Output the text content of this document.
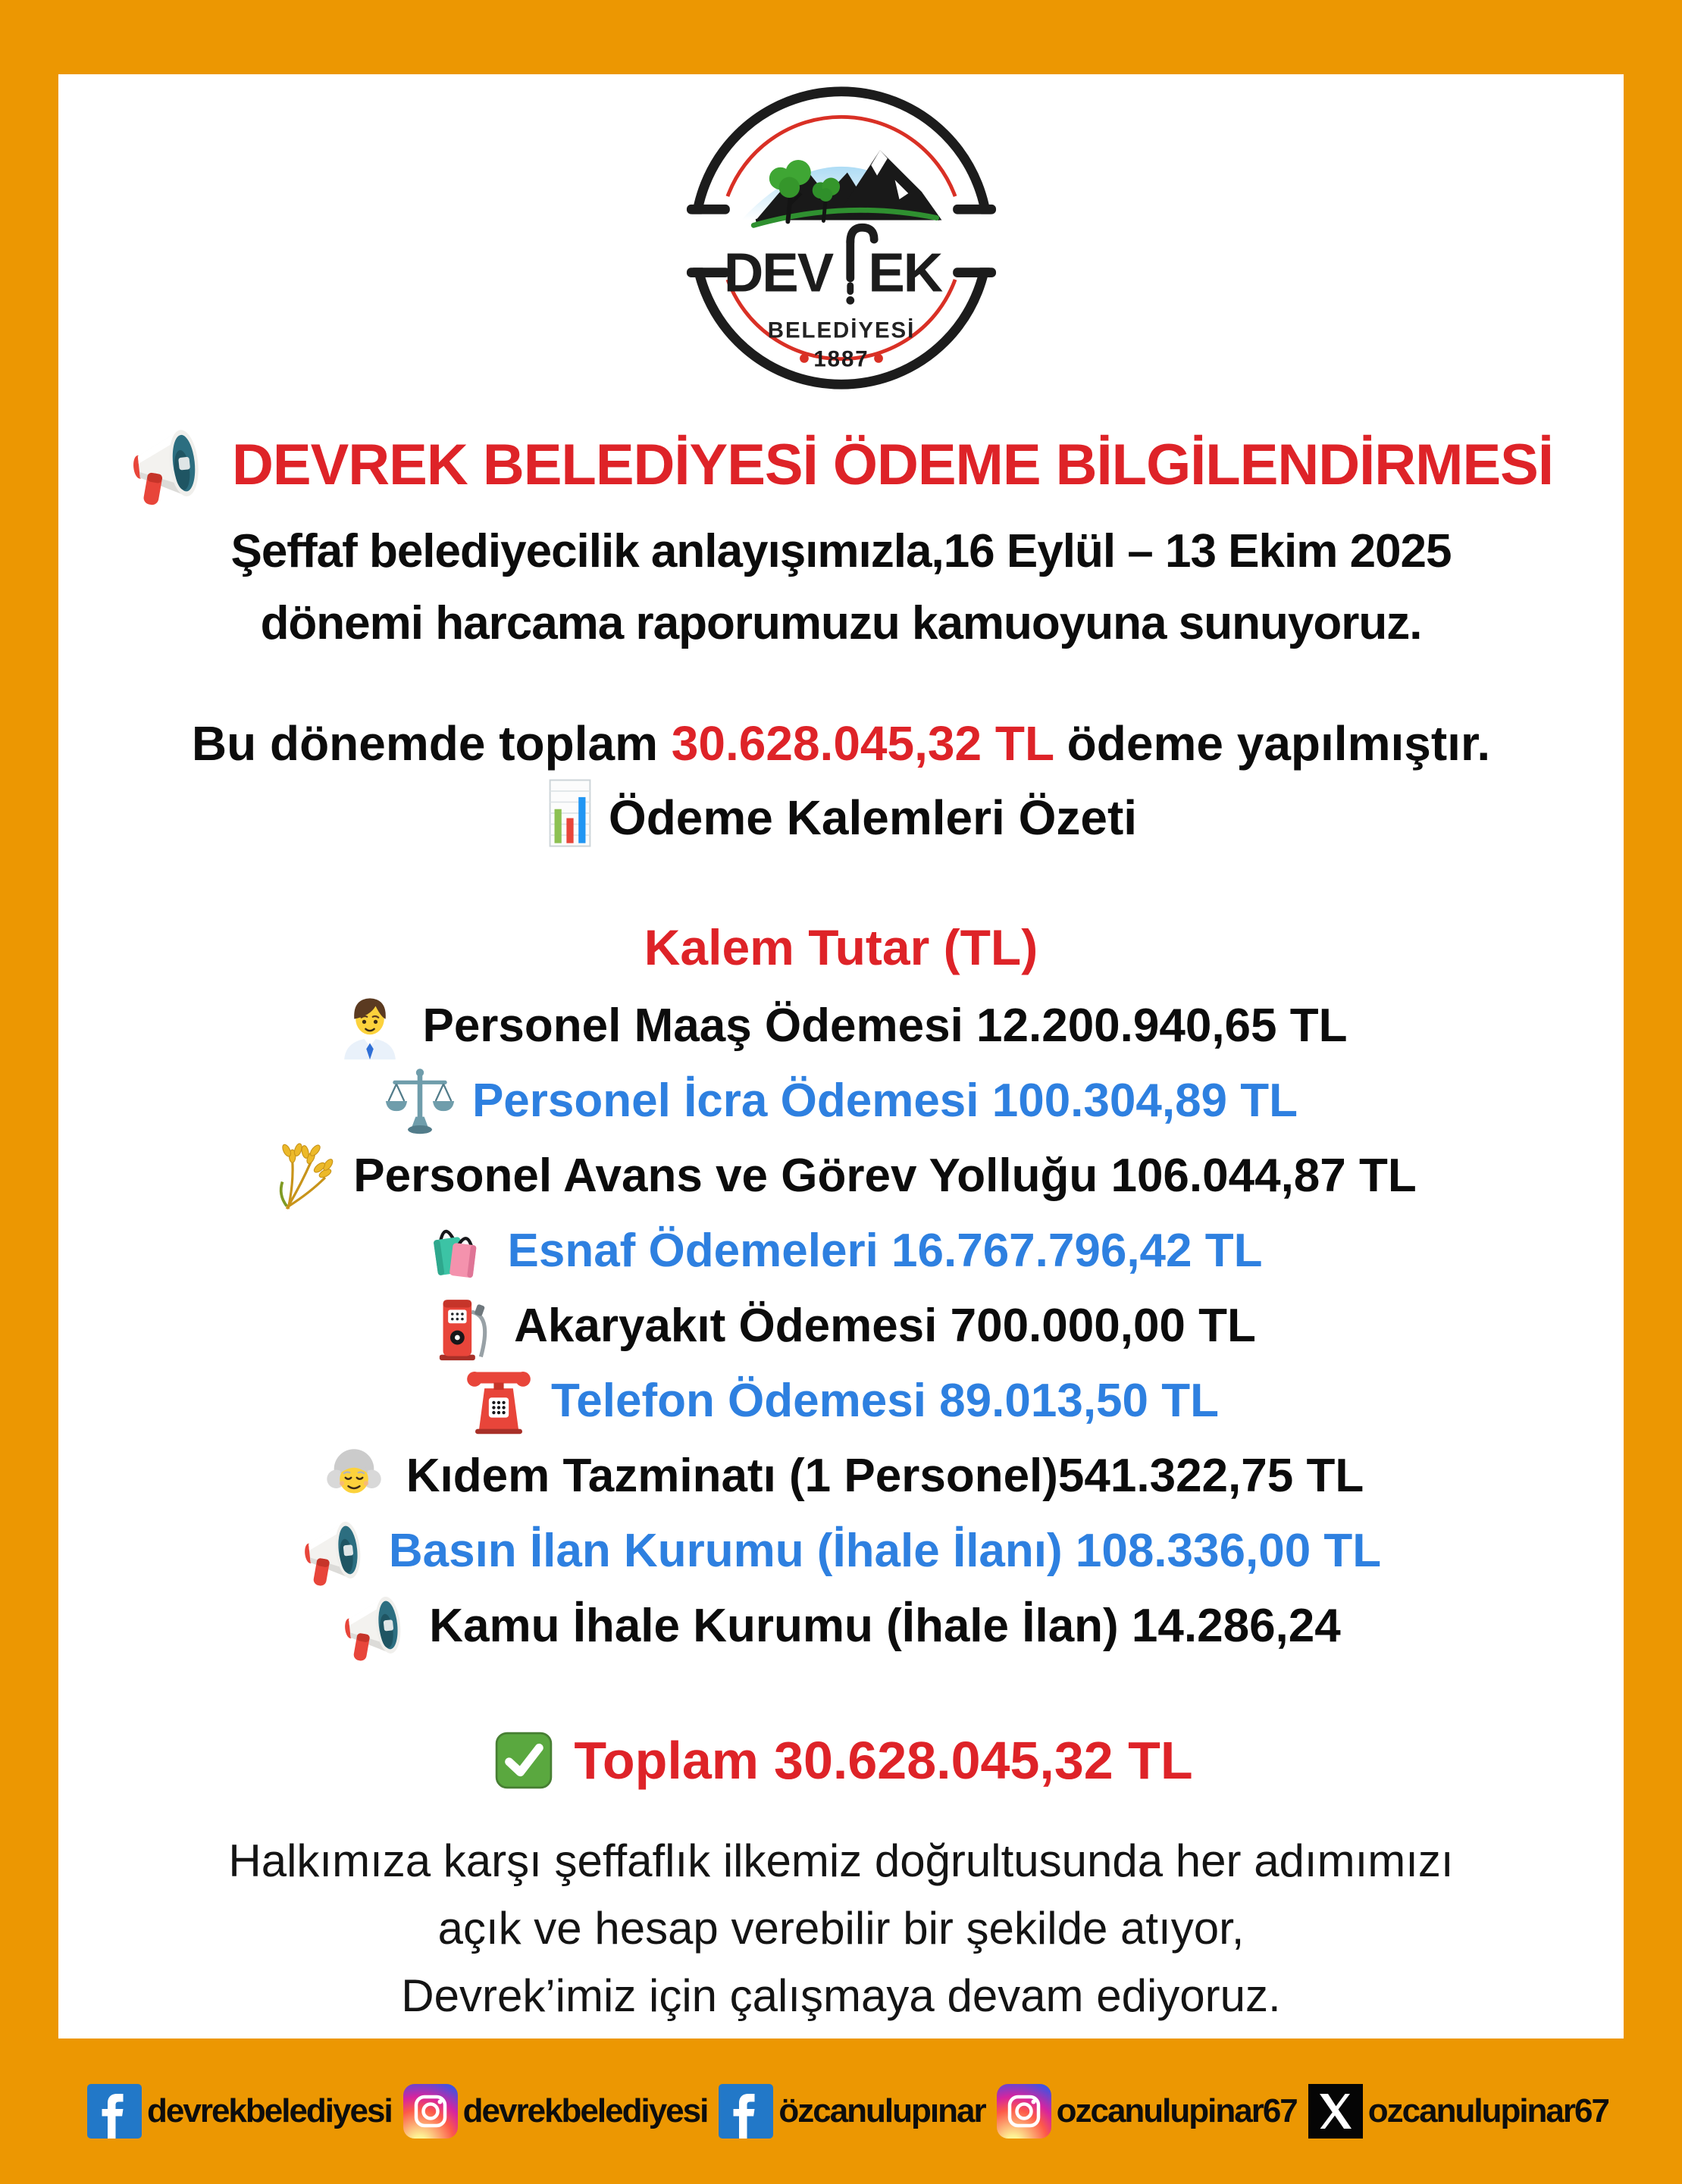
DEV EK
BELEDİYESİ
1887
DEVREK BELEDİYESİ ÖDEME BİLGİLENDİRMESİ
Şeffaf belediyecilik anlayışımızla,16 Eylül – 13 Ekim 2025
dönemi harcama raporumuzu kamuoyuna sunuyoruz.
Bu dönemde toplam 30.628.045,32 TL ödeme yapılmıştır.
Ödeme Kalemleri Özeti
Kalem Tutar (TL)
Personel Maaş Ödemesi 12.200.940,65 TL
Personel İcra Ödemesi 100.304,89 TL
Personel Avans ve Görev Yolluğu 106.044,87 TL
Esnaf Ödemeleri 16.767.796,42 TL
Akaryakıt Ödemesi 700.000,00 TL
Telefon Ödemesi 89.013,50 TL
Kıdem Tazminatı (1 Personel)541.322,75 TL
Basın İlan Kurumu (İhale İlanı) 108.336,00 TL
Kamu İhale Kurumu (İhale İlan) 14.286,24
Toplam 30.628.045,32 TL
Halkımıza karşı şeffaflık ilkemiz doğrultusunda her adımımızı
açık ve hesap verebilir bir şekilde atıyor,
Devrek’imiz için çalışmaya devam ediyoruz.
devrekbelediyesi devrekbelediyesi özcanulupınar ozcanulupinar67 ozcanulupinar67
